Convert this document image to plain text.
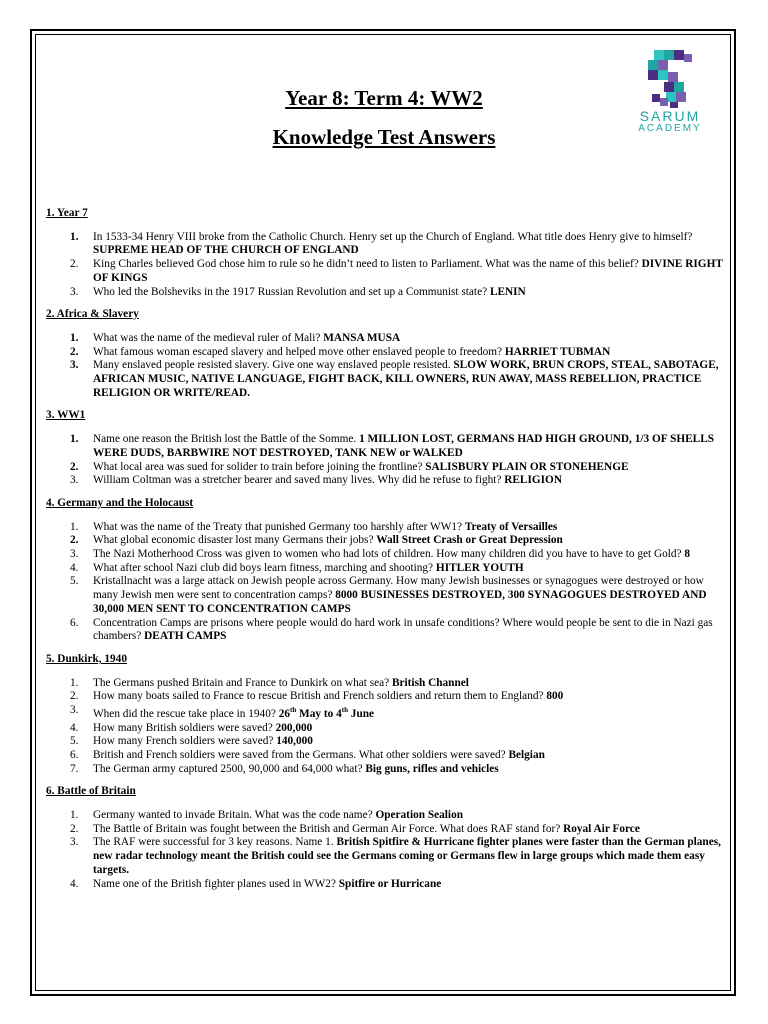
Year 8: Term 4: WW2
Knowledge Test Answers
SARUM
ACADEMY

1. Year 7

1. In 1533-34 Henry VIII broke from the Catholic Church. Henry set up the Church of England. What title does Henry give to himself? SUPREME HEAD OF THE CHURCH OF ENGLAND
2. King Charles believed God chose him to rule so he didn’t need to listen to Parliament. What was the name of this belief? DIVINE RIGHT OF KINGS
3. Who led the Bolsheviks in the 1917 Russian Revolution and set up a Communist state? LENIN

2. Africa & Slavery

1. What was the name of the medieval ruler of Mali? MANSA MUSA
2. What famous woman escaped slavery and helped move other enslaved people to freedom? HARRIET TUBMAN
3. Many enslaved people resisted slavery. Give one way enslaved people resisted. SLOW WORK, BRUN CROPS, STEAL, SABOTAGE, AFRICAN MUSIC, NATIVE LANGUAGE, FIGHT BACK, KILL OWNERS, RUN AWAY, MASS REBELLION, PRACTICE RELIGION OR WRITE/READ.

3. WW1

1. Name one reason the British lost the Battle of the Somme. 1 MILLION LOST, GERMANS HAD HIGH GROUND, 1/3 OF SHELLS WERE DUDS, BARBWIRE NOT DESTROYED, TANK NEW or WALKED
2. What local area was sued for solider to train before joining the frontline? SALISBURY PLAIN OR STONEHENGE
3. William Coltman was a stretcher bearer and saved many lives. Why did he refuse to fight? RELIGION

4. Germany and the Holocaust

1. What was the name of the Treaty that punished Germany too harshly after WW1? Treaty of Versailles
2. What global economic disaster lost many Germans their jobs? Wall Street Crash or Great Depression
3. The Nazi Motherhood Cross was given to women who had lots of children. How many children did you have to have to get Gold? 8
4. What after school Nazi club did boys learn fitness, marching and shooting? HITLER YOUTH
5. Kristallnacht was a large attack on Jewish people across Germany. How many Jewish businesses or synagogues were destroyed or how many Jewish men were sent to concentration camps? 8000 BUSINESSES DESTROYED, 300 SYNAGOGUES DESTROYED AND 30,000 MEN SENT TO CONCENTRATION CAMPS
6. Concentration Camps are prisons where people would do hard work in unsafe conditions? Where would people be sent to die in Nazi gas chambers? DEATH CAMPS

5. Dunkirk, 1940

1. The Germans pushed Britain and France to Dunkirk on what sea? British Channel
2. How many boats sailed to France to rescue British and French soldiers and return them to England? 800
3. When did the rescue take place in 1940? 26th May to 4th June
4. How many British soldiers were saved? 200,000
5. How many French soldiers were saved? 140,000
6. British and French soldiers were saved from the Germans. What other soldiers were saved? Belgian
7. The German army captured 2500, 90,000 and 64,000 what? Big guns, rifles and vehicles

6. Battle of Britain

1. Germany wanted to invade Britain. What was the code name? Operation Sealion
2. The Battle of Britain was fought between the British and German Air Force. What does RAF stand for? Royal Air Force
3. The RAF were successful for 3 key reasons. Name 1. British Spitfire & Hurricane fighter planes were faster than the German planes, new radar technology meant the British could see the Germans coming or Germans flew in large groups which made them easy targets.
4. Name one of the British fighter planes used in WW2? Spitfire or Hurricane
